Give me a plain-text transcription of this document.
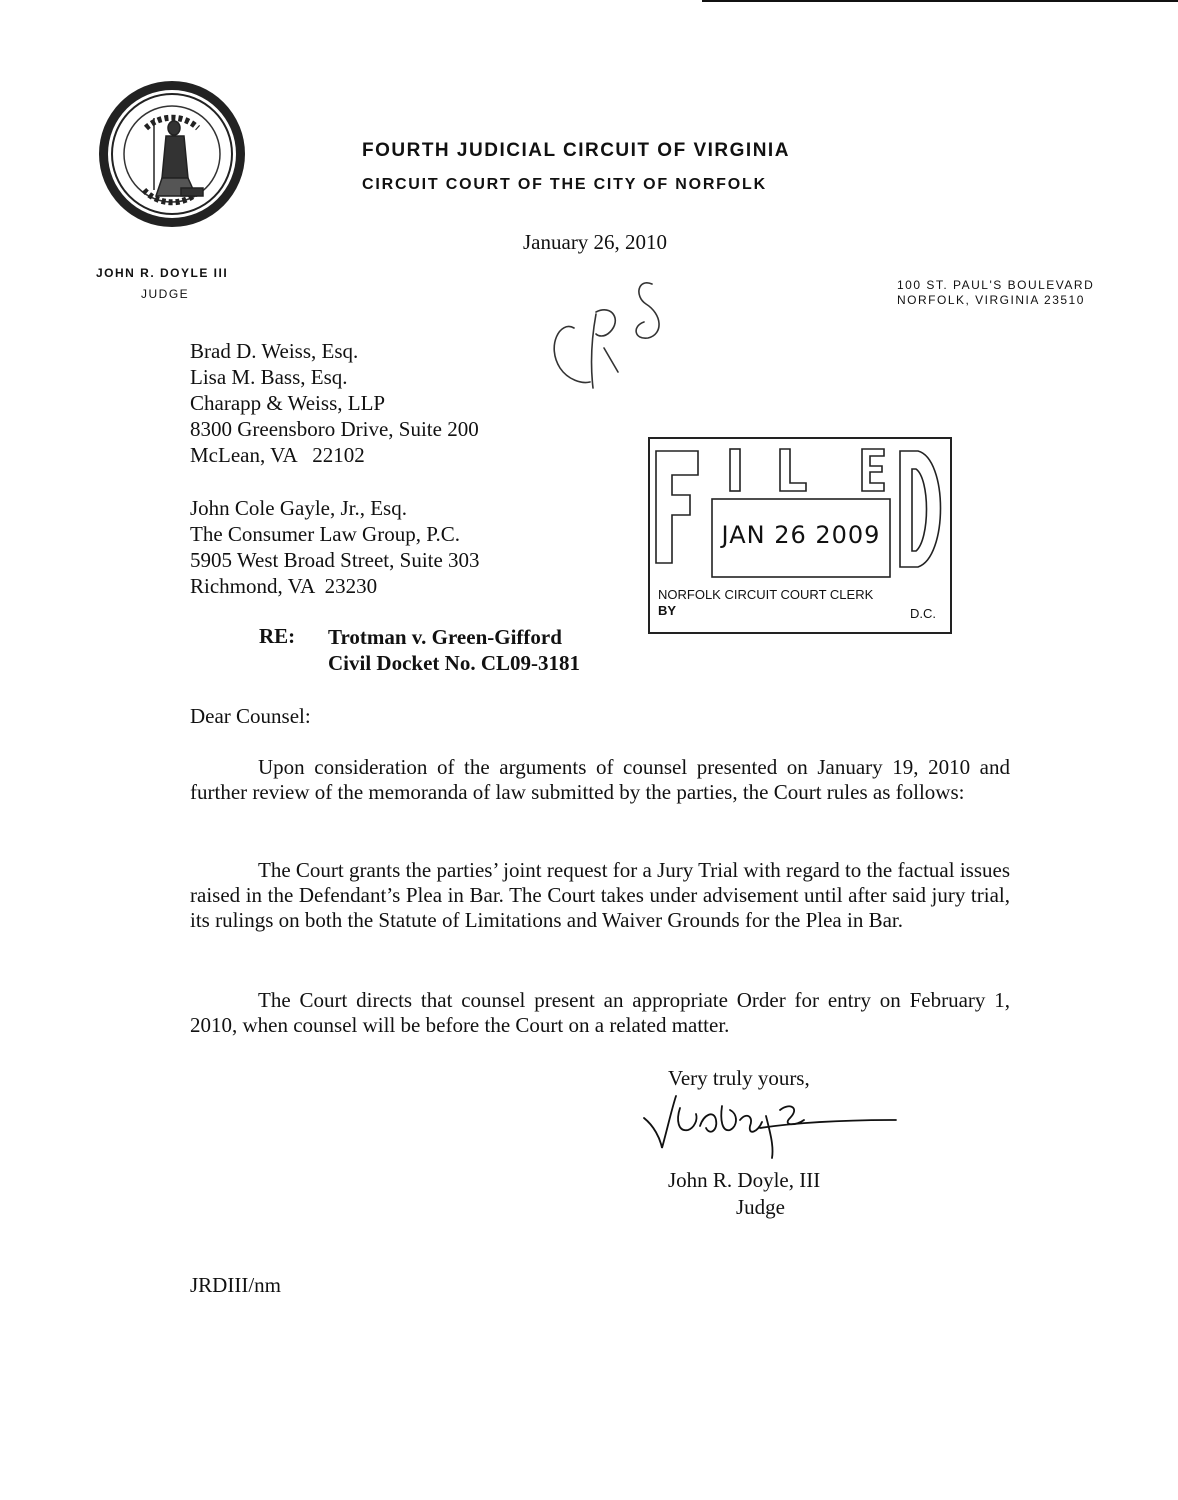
FOURTH JUDICIAL CIRCUIT OF VIRGINIA
CIRCUIT COURT OF THE CITY OF NORFOLK
January 26, 2010
JOHN R. DOYLE III
JUDGE
100 ST. PAUL'S BOULEVARD
NORFOLK, VIRGINIA 23510
Brad D. Weiss, Esq.
Lisa M. Bass, Esq.
Charapp & Weiss, LLP
8300 Greensboro Drive, Suite 200
McLean, VA   22102
John Cole Gayle, Jr., Esq.
The Consumer Law Group, P.C.
5905 West Broad Street, Suite 303
Richmond, VA  23230
JAN 26 2009
NORFOLK CIRCUIT COURT CLERK
BY	D.C.
RE: Trotman v. Green-Gifford
Civil Docket No. CL09-3181
Dear Counsel:

Upon consideration of the arguments of counsel presented on January 19, 2010 and further review of the memoranda of law submitted by the parties, the Court rules as follows:

The Court grants the parties’ joint request for a Jury Trial with regard to the factual issues raised in the Defendant’s Plea in Bar. The Court takes under advisement until after said jury trial, its rulings on both the Statute of Limitations and Waiver Grounds for the Plea in Bar.

The Court directs that counsel present an appropriate Order for entry on February 1, 2010, when counsel will be before the Court on a related matter.

Very truly yours,
John R. Doyle, III
Judge
JRDIII/nm
